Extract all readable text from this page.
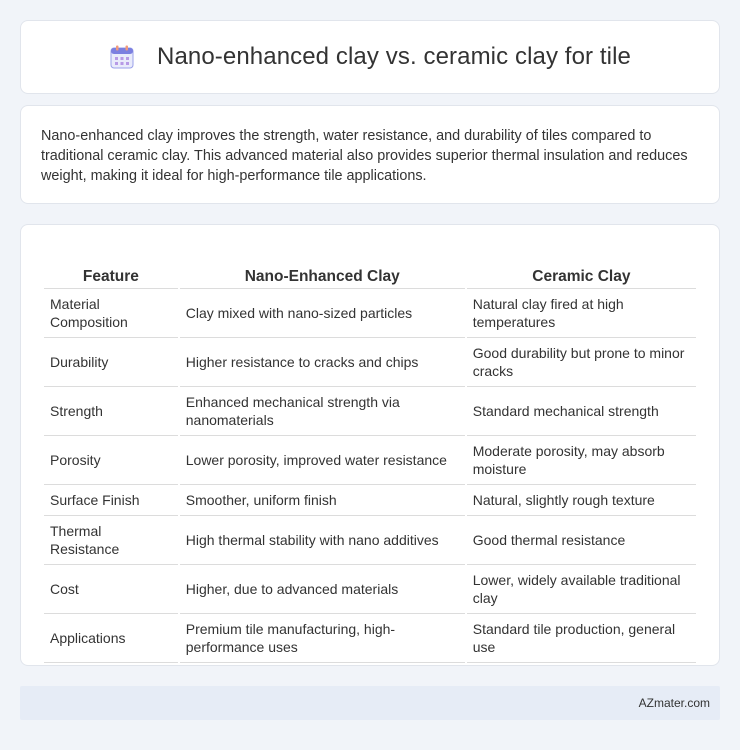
Nano-enhanced clay vs. ceramic clay for tile

Nano-enhanced clay improves the strength, water resistance, and durability of tiles compared to traditional ceramic clay. This advanced material also provides superior thermal insulation and reduces weight, making it ideal for high-performance tile applications.

Feature	Nano-Enhanced Clay	Ceramic Clay
Material Composition	Clay mixed with nano-sized particles	Natural clay fired at high temperatures
Durability	Higher resistance to cracks and chips	Good durability but prone to minor cracks
Strength	Enhanced mechanical strength via nanomaterials	Standard mechanical strength
Porosity	Lower porosity, improved water resistance	Moderate porosity, may absorb moisture
Surface Finish	Smoother, uniform finish	Natural, slightly rough texture
Thermal Resistance	High thermal stability with nano additives	Good thermal resistance
Cost	Higher, due to advanced materials	Lower, widely available traditional clay
Applications	Premium tile manufacturing, high-performance uses	Standard tile production, general use
AZmater.com
